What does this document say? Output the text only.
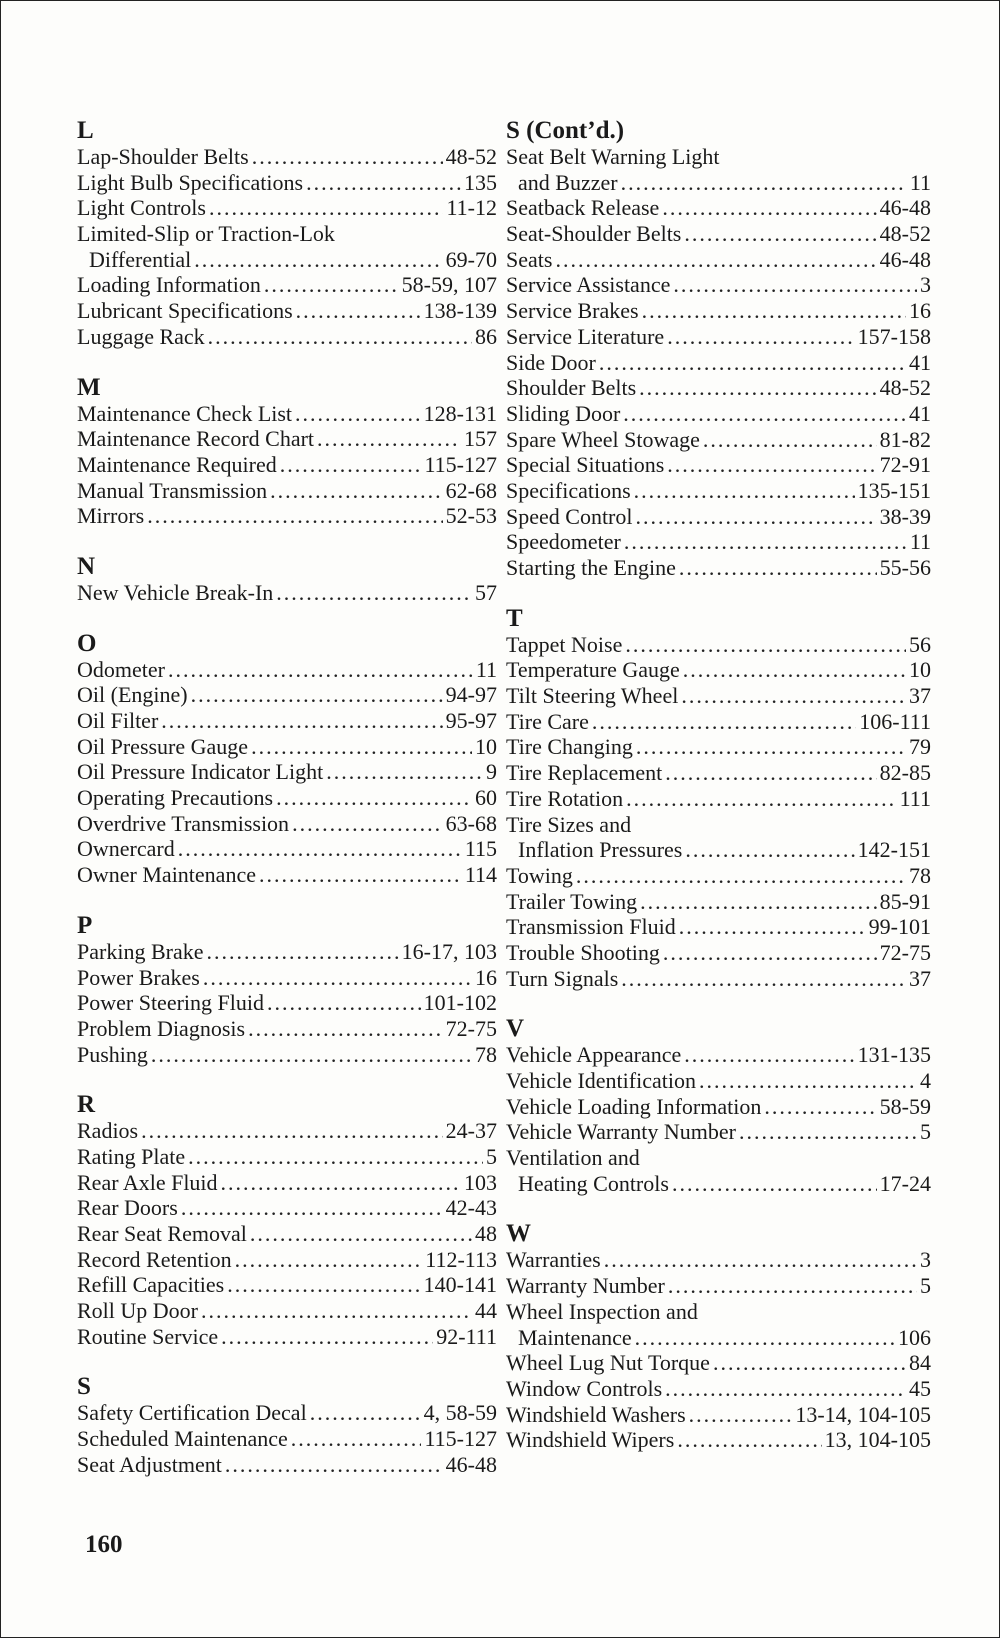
L
Lap-Shoulder Belts .....	48-52
Light Bulb Specifications .....	135
Light Controls .....	11-12
Limited-Slip or Traction-Lok
Differential .....	69-70
Loading Information .....	58-59, 107
Lubricant Specifications .....	138-139
Luggage Rack .....	86
M
Maintenance Check List .....	128-131
Maintenance Record Chart .....	157
Maintenance Required .....	115-127
Manual Transmission .....	62-68
Mirrors .....	52-53
N
New Vehicle Break-In .....	57
O
Odometer .....	11
Oil (Engine) .....	94-97
Oil Filter .....	95-97
Oil Pressure Gauge .....	10
Oil Pressure Indicator Light .....	9
Operating Precautions .....	60
Overdrive Transmission .....	63-68
Ownercard .....	115
Owner Maintenance .....	114
P
Parking Brake .....	16-17, 103
Power Brakes .....	16
Power Steering Fluid .....	101-102
Problem Diagnosis .....	72-75
Pushing .....	78
R
Radios .....	24-37
Rating Plate .....	5
Rear Axle Fluid .....	103
Rear Doors .....	42-43
Rear Seat Removal .....	48
Record Retention .....	112-113
Refill Capacities .....	140-141
Roll Up Door .....	44
Routine Service .....	92-111
S
Safety Certification Decal .....	4, 58-59
Scheduled Maintenance .....	115-127
Seat Adjustment .....	46-48
S (Cont’d.)
Seat Belt Warning Light
and Buzzer .....	11
Seatback Release .....	46-48
Seat-Shoulder Belts .....	48-52
Seats .....	46-48
Service Assistance .....	3
Service Brakes .....	16
Service Literature .....	157-158
Side Door .....	41
Shoulder Belts .....	48-52
Sliding Door .....	41
Spare Wheel Stowage .....	81-82
Special Situations .....	72-91
Specifications .....	135-151
Speed Control .....	38-39
Speedometer .....	11
Starting the Engine .....	55-56
T
Tappet Noise .....	56
Temperature Gauge .....	10
Tilt Steering Wheel .....	37
Tire Care .....	106-111
Tire Changing .....	79
Tire Replacement .....	82-85
Tire Rotation .....	111
Tire Sizes and
Inflation Pressures .....	142-151
Towing .....	78
Trailer Towing .....	85-91
Transmission Fluid .....	99-101
Trouble Shooting .....	72-75
Turn Signals .....	37
V
Vehicle Appearance .....	131-135
Vehicle Identification .....	4
Vehicle Loading Information .....	58-59
Vehicle Warranty Number .....	5
Ventilation and
Heating Controls .....	17-24
W
Warranties .....	3
Warranty Number .....	5
Wheel Inspection and
Maintenance .....	106
Wheel Lug Nut Torque .....	84
Window Controls .....	45
Windshield Washers .....	13-14, 104-105
Windshield Wipers .....	13, 104-105
160
